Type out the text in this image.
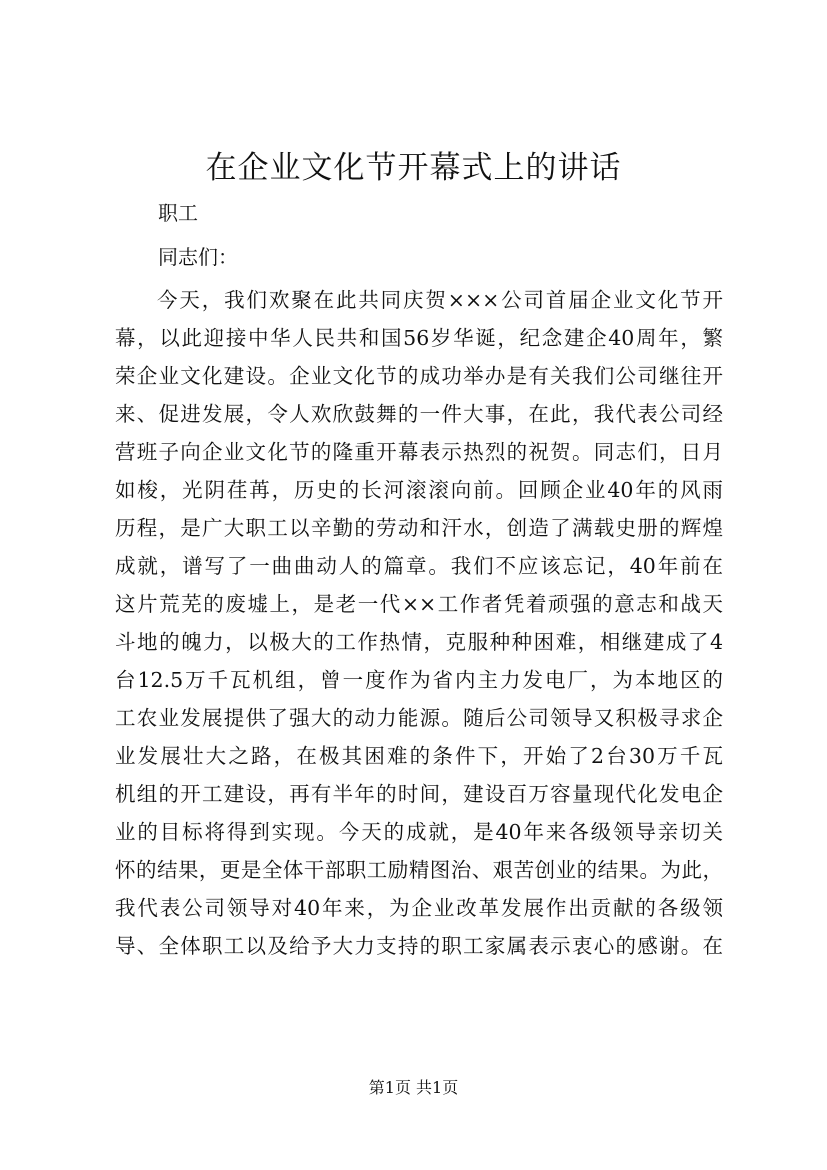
在企业文化节开幕式上的讲话

职工

同志们：

今天，我们欢聚在此共同庆贺×××公司首届企业文化节开
幕，以此迎接中华人民共和国56岁华诞，纪念建企40周年，繁
荣企业文化建设。企业文化节的成功举办是有关我们公司继往开
来、促进发展，令人欢欣鼓舞的一件大事，在此，我代表公司经
营班子向企业文化节的隆重开幕表示热烈的祝贺。同志们，日月
如梭，光阴荏苒，历史的长河滚滚向前。回顾企业40年的风雨
历程，是广大职工以辛勤的劳动和汗水，创造了满载史册的辉煌
成就，谱写了一曲曲动人的篇章。我们不应该忘记，40年前在
这片荒芜的废墟上，是老一代××工作者凭着顽强的意志和战天
斗地的魄力，以极大的工作热情，克服种种困难，相继建成了4
台12.5万千瓦机组，曾一度作为省内主力发电厂，为本地区的
工农业发展提供了强大的动力能源。随后公司领导又积极寻求企
业发展壮大之路，在极其困难的条件下，开始了2台30万千瓦
机组的开工建设，再有半年的时间，建设百万容量现代化发电企
业的目标将得到实现。今天的成就，是40年来各级领导亲切关
怀的结果，更是全体干部职工励精图治、艰苦创业的结果。为此，
我代表公司领导对40年来，为企业改革发展作出贡献的各级领
导、全体职工以及给予大力支持的职工家属表示衷心的感谢。在

第1页 共1页
